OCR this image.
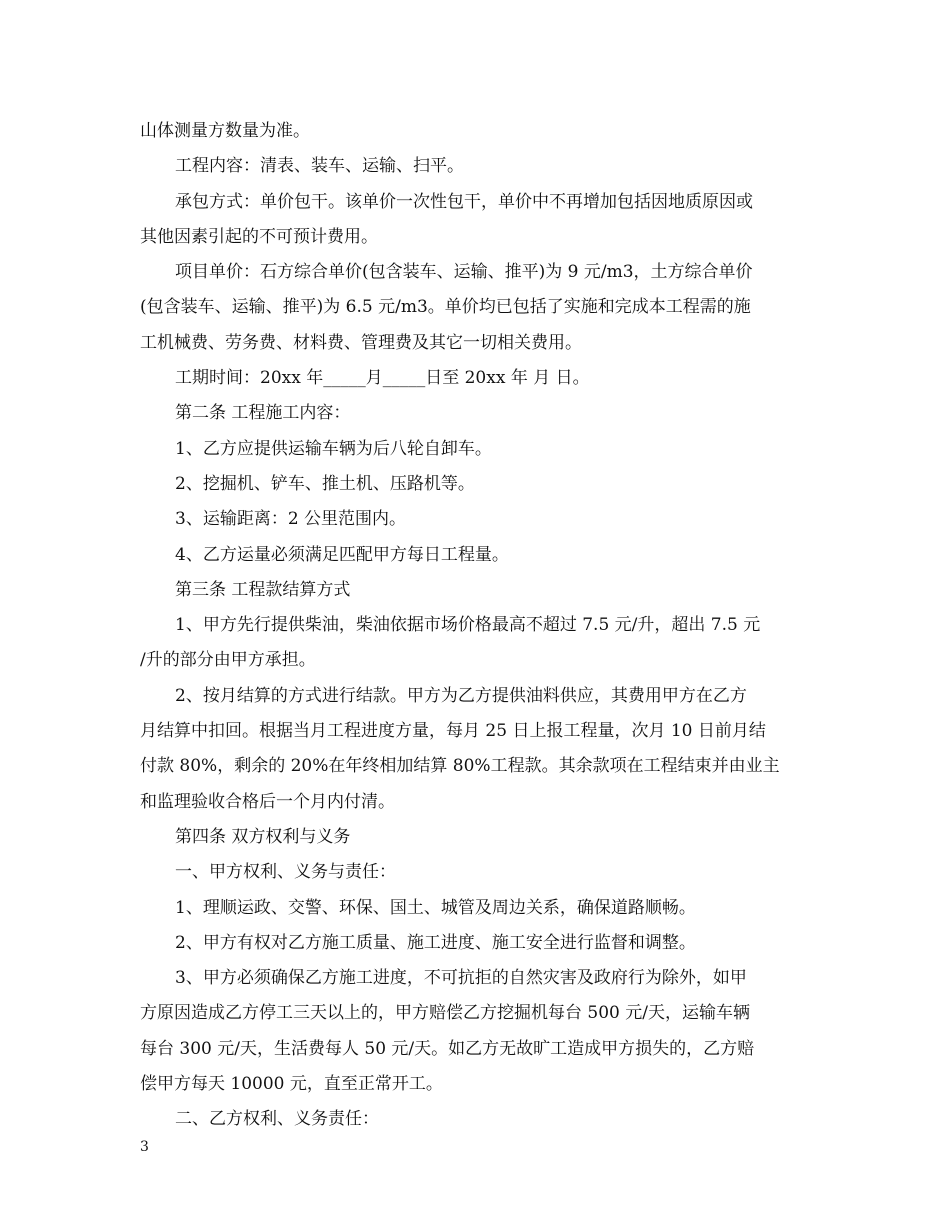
山体测量方数量为准。
工程内容：清表、装车、运输、扫平。
承包方式：单价包干。该单价一次性包干，单价中不再增加包括因地质原因或
其他因素引起的不可预计费用。
项目单价：石方综合单价(包含装车、运输、推平)为 9 元/m3，土方综合单价
(包含装车、运输、推平)为 6.5 元/m3。单价均已包括了实施和完成本工程需的施
工机械费、劳务费、材料费、管理费及其它一切相关费用。
工期时间：20xx 年_____月_____日至 20xx 年 月 日。
第二条 工程施工内容：
1、乙方应提供运输车辆为后八轮自卸车。
2、挖掘机、铲车、推土机、压路机等。
3、运输距离：2 公里范围内。
4、乙方运量必须满足匹配甲方每日工程量。
第三条 工程款结算方式
1、甲方先行提供柴油，柴油依据市场价格最高不超过 7.5 元/升，超出 7.5 元
/升的部分由甲方承担。
2、按月结算的方式进行结款。甲方为乙方提供油料供应，其费用甲方在乙方
月结算中扣回。根据当月工程进度方量，每月 25 日上报工程量，次月 10 日前月结
付款 80%，剩余的 20%在年终相加结算 80%工程款。其余款项在工程结束并由业主
和监理验收合格后一个月内付清。
第四条 双方权利与义务
一、甲方权利、义务与责任：
1、理顺运政、交警、环保、国土、城管及周边关系，确保道路顺畅。
2、甲方有权对乙方施工质量、施工进度、施工安全进行监督和调整。
3、甲方必须确保乙方施工进度，不可抗拒的自然灾害及政府行为除外，如甲
方原因造成乙方停工三天以上的，甲方赔偿乙方挖掘机每台 500 元/天，运输车辆
每台 300 元/天，生活费每人 50 元/天。如乙方无故旷工造成甲方损失的，乙方赔
偿甲方每天 10000 元，直至正常开工。
二、乙方权利、义务责任：
3
